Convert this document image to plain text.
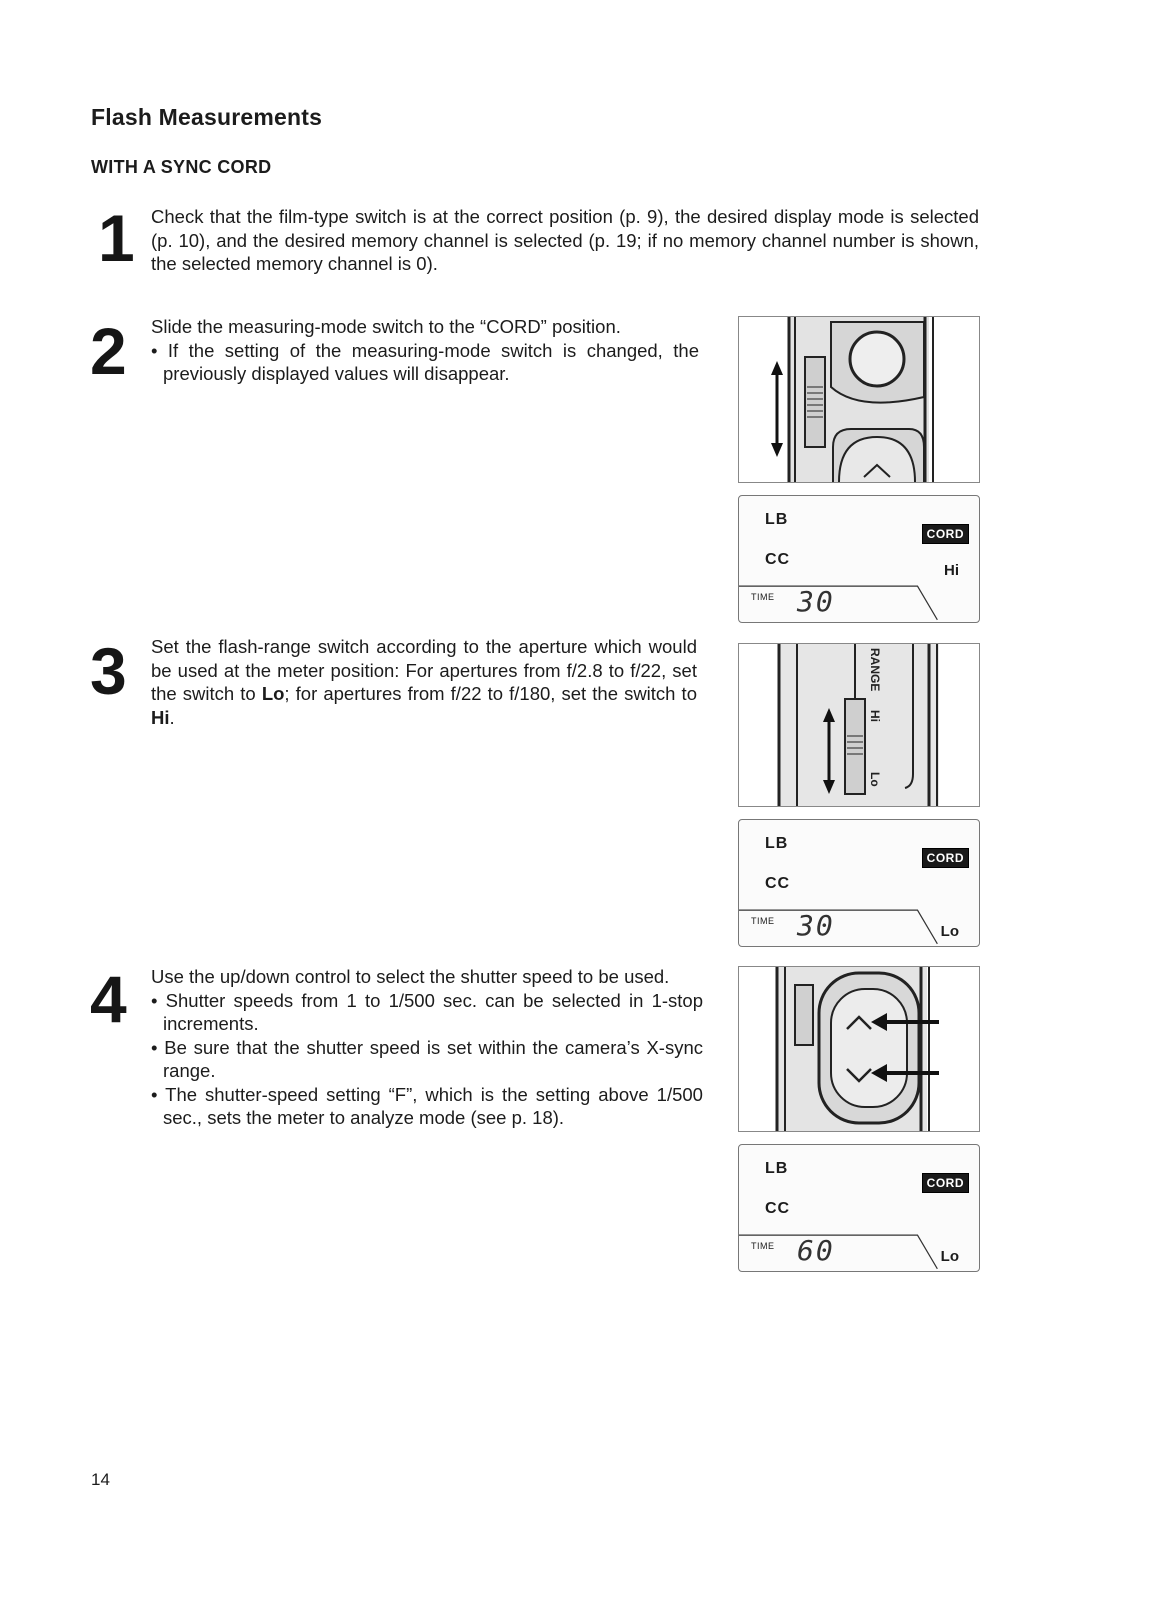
Flash Measurements
WITH A SYNC CORD
1 Check that the film-type switch is at the correct position (p. 9), the desired display mode is selected (p. 10), and the desired memory channel is selected (p. 19; if no memory channel number is shown, the selected memory channel is 0).

2 Slide the measuring-mode switch to the “CORD” position.

• If the setting of the measuring-mode switch is changed, the previously displayed values will disappear.

3 Set the flash-range switch according to the aperture which would be used at the meter position: For apertures from f/2.8 to f/22, set the switch to Lo; for apertures from f/22 to f/180, set the switch to Hi.

4 Use the up/down control to select the shutter speed to be used.

• Shutter speeds from 1 to 1/500 sec. can be selected in 1-stop increments.

• Be sure that the shutter speed is set within the camera’s X-sync range.

• The shutter-speed setting “F”, which is the setting above 1/500 sec., sets the meter to analyze mode (see p. 18).

LB
CC
CORD
Hi
TIME 30
RANGE
Hi
Lo
LB
CC
CORD
Lo
TIME 30
LB
CC
CORD
Lo
TIME 60
14
